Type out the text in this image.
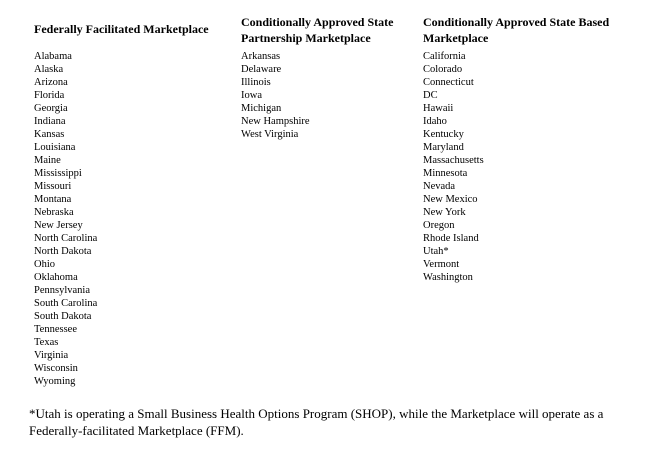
Federally Facilitated Marketplace
Alabama
Alaska
Arizona
Florida
Georgia
Indiana
Kansas
Louisiana
Maine
Mississippi
Missouri
Montana
Nebraska
New Jersey
North Carolina
North Dakota
Ohio
Oklahoma
Pennsylvania
South Carolina
South Dakota
Tennessee
Texas
Virginia
Wisconsin
Wyoming
Conditionally Approved State
Partnership Marketplace
Arkansas
Delaware
Illinois
Iowa
Michigan
New Hampshire
West Virginia
Conditionally Approved State Based
Marketplace
California
Colorado
Connecticut
DC
Hawaii
Idaho
Kentucky
Maryland
Massachusetts
Minnesota
Nevada
New Mexico
New York
Oregon
Rhode Island
Utah*
Vermont
Washington
*Utah is operating a Small Business Health Options Program (SHOP), while the Marketplace will operate as a
Federally-facilitated Marketplace (FFM).
